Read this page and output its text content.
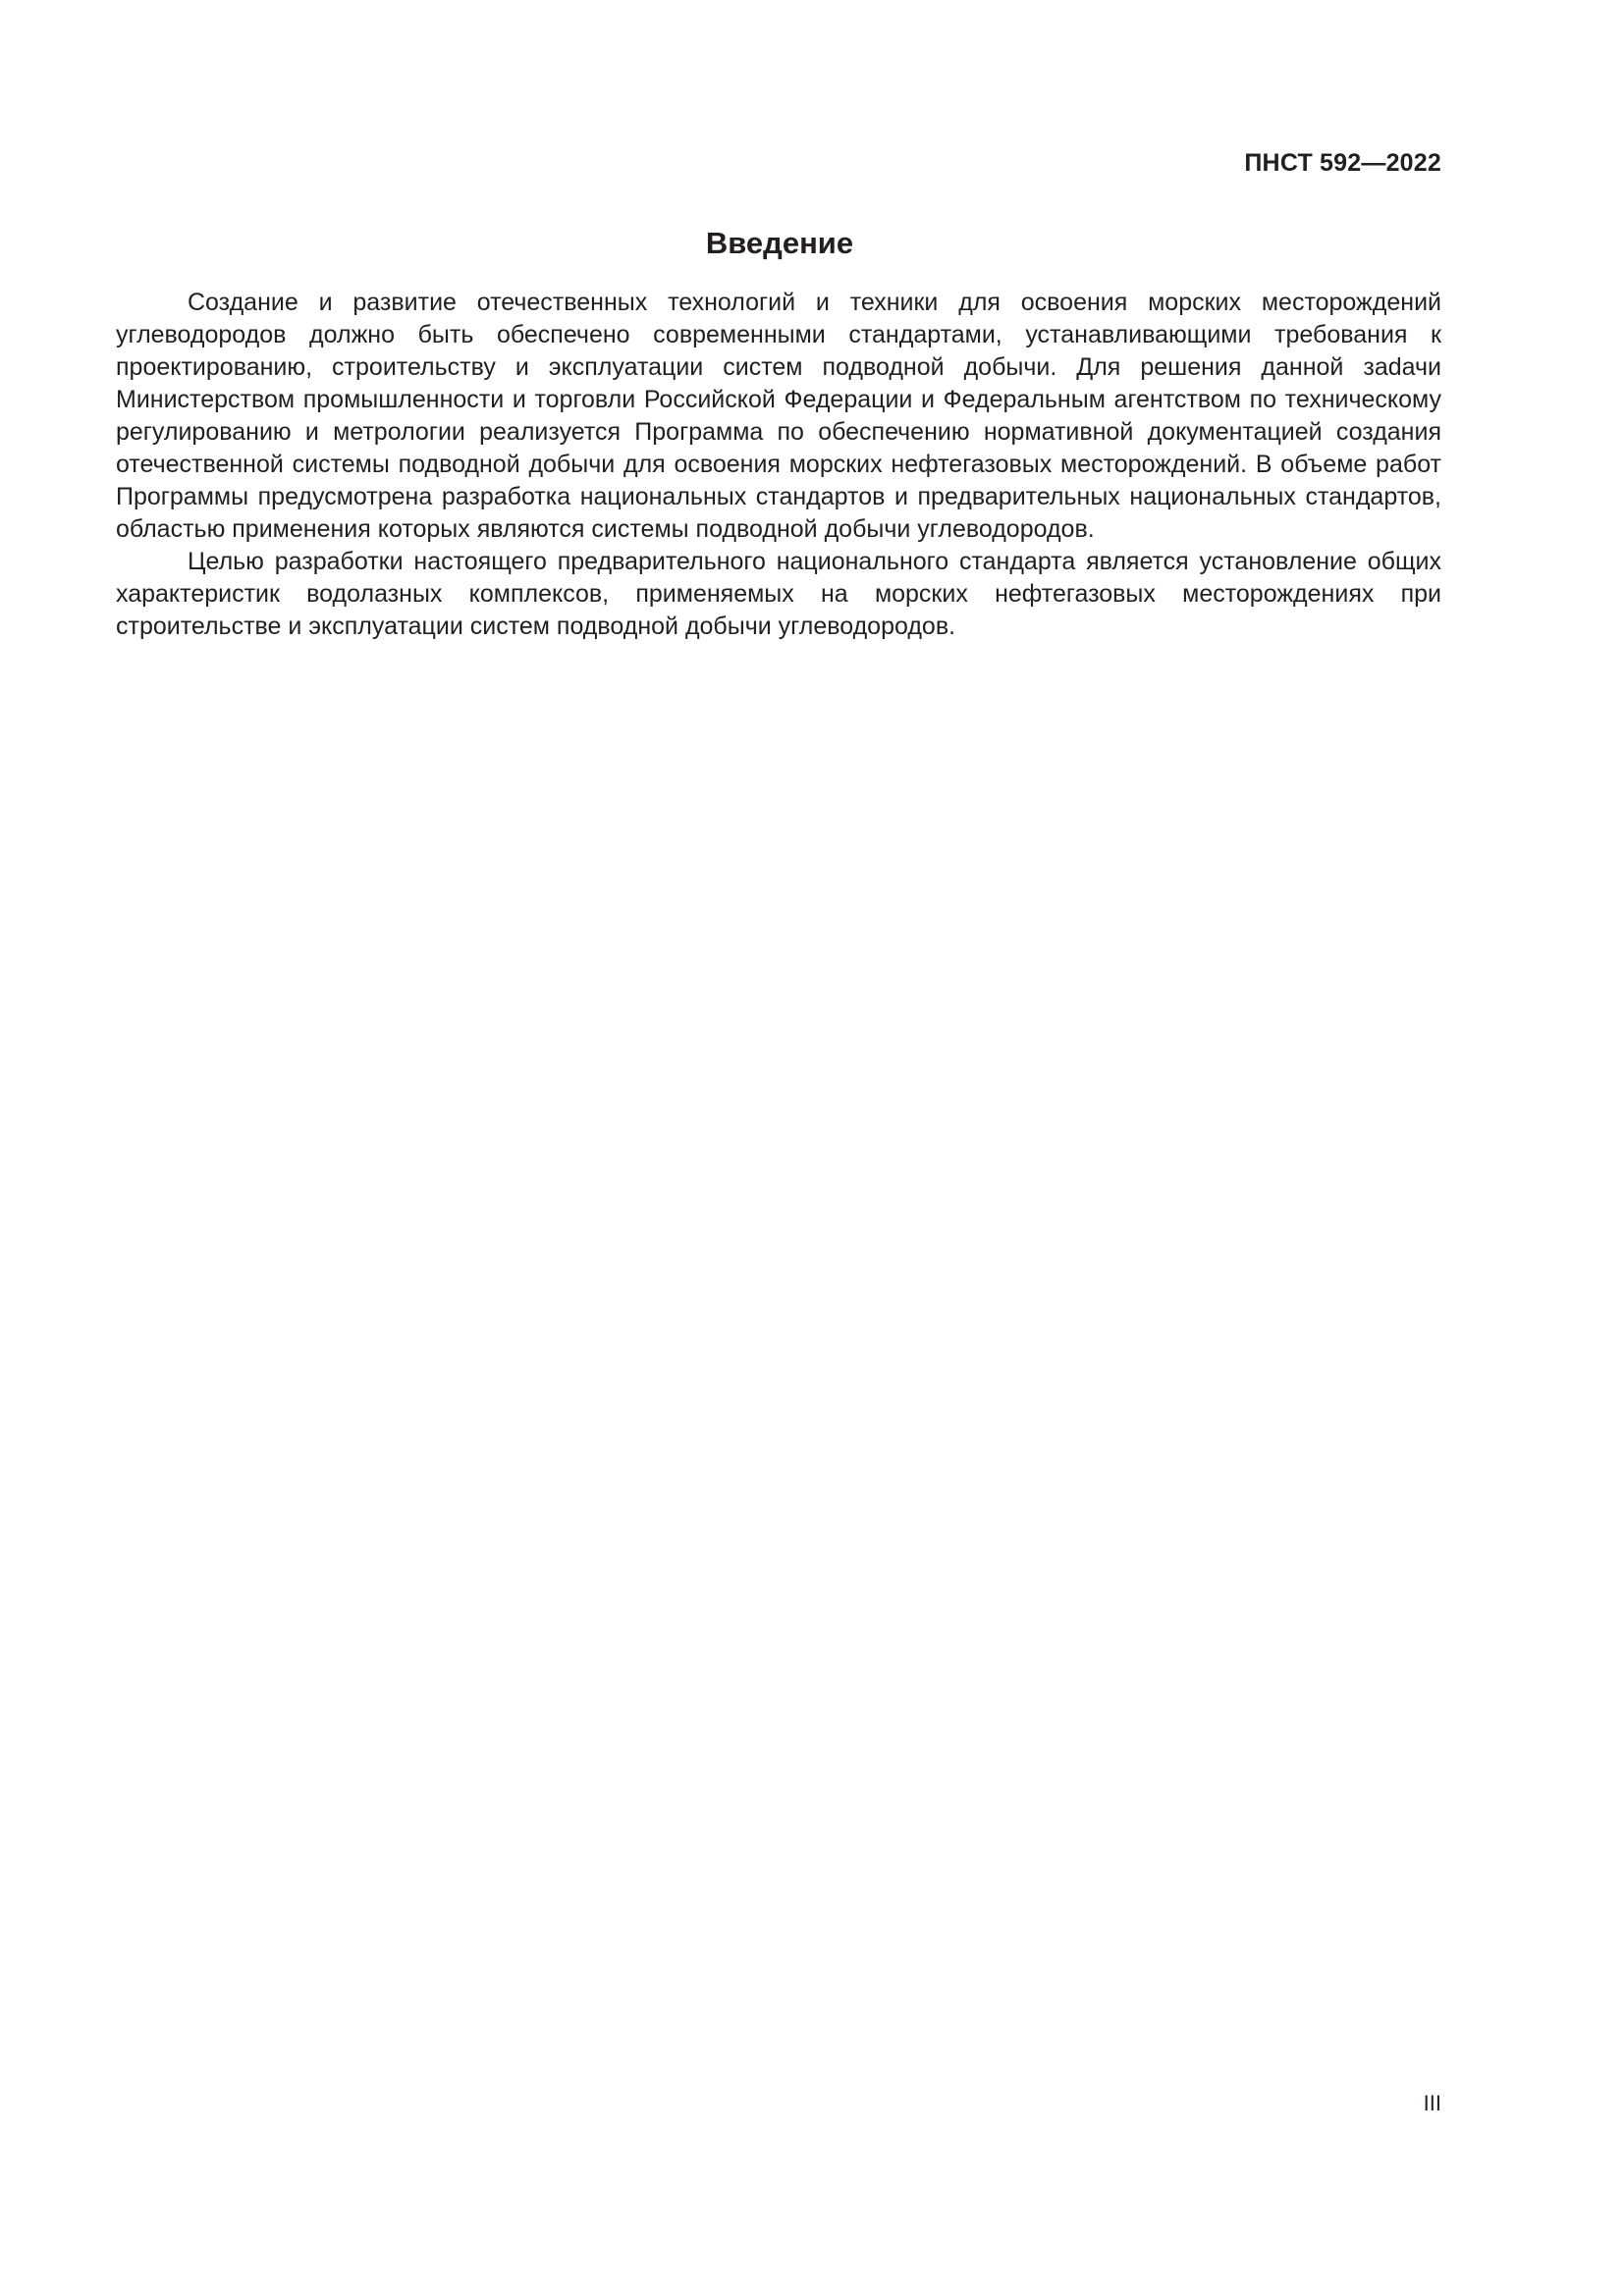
ПНСТ 592—2022
Введение

Создание и развитие отечественных технологий и техники для освоения морских месторождений углеводородов должно быть обеспечено современными стандартами, устанавливающими требования к проектированию, строительству и эксплуатации систем подводной добычи. Для решения данной заdачи Министерством промышленности и торговли Российской Федерации и Федеральным агентством по техническому регулированию и метрологии реализуется Программа по обеспечению нормативной документацией создания отечественной системы подводной добычи для освоения морских нефтегазовых месторождений. В объеме работ Программы предусмотрена разработка национальных стандартов и предварительных национальных стандартов, областью применения которых являются системы подводной добычи углеводородов.

Целью разработки настоящего предварительного национального стандарта является установление общих характеристик водолазных комплексов, применяемых на морских нефтегазовых месторождениях при строительстве и эксплуатации систем подводной добычи углеводородов.

III
